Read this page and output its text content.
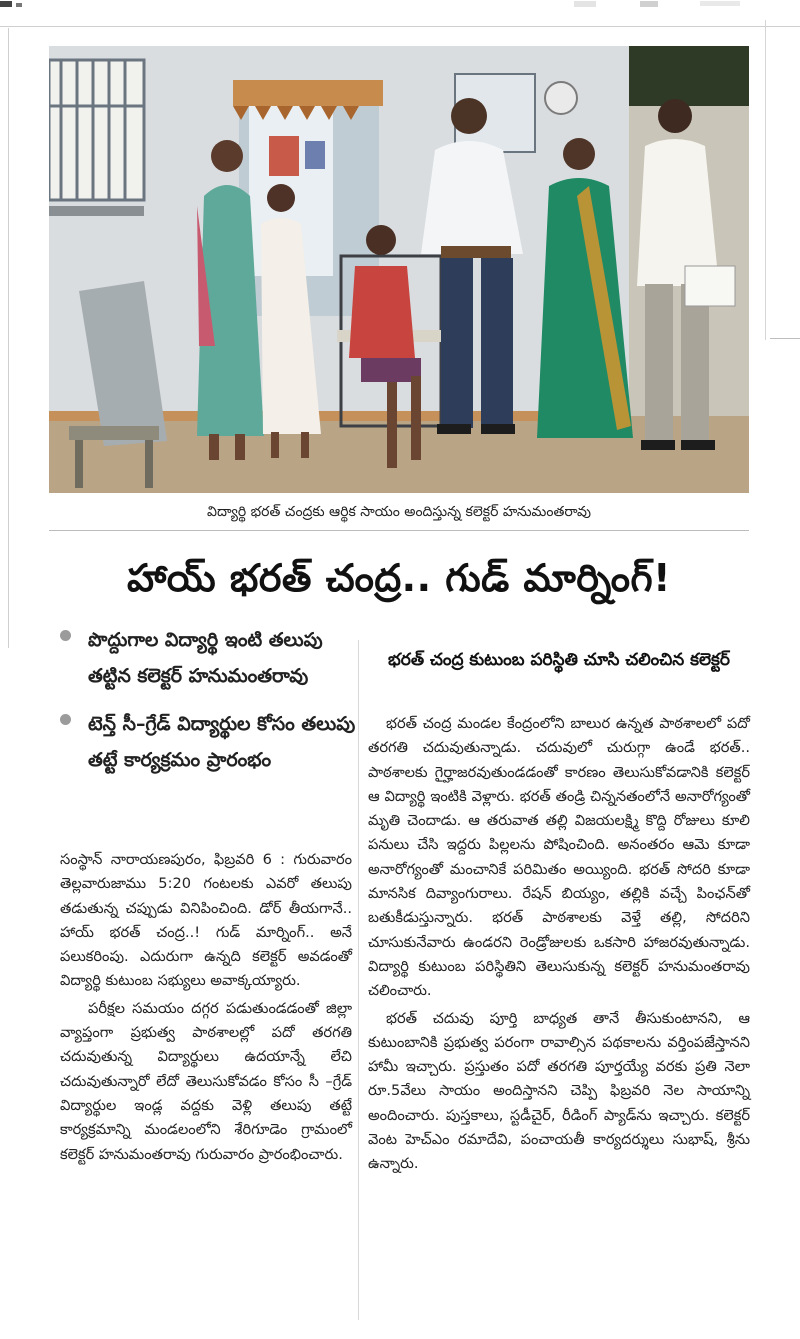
విద్యార్థి భరత్ చంద్రకు ఆర్థిక సాయం అందిస్తున్న కలెక్టర్ హనుమంతరావు
హాయ్ భరత్ చంద్ర.. గుడ్ మార్నింగ్!
పొద్దుగాల విద్యార్థి ఇంటి తలుపు తట్టిన కలెక్టర్ హనుమంతరావు
టెన్త్ సీ–గ్రేడ్ విద్యార్థుల కోసం తలుపు తట్టే కార్యక్రమం ప్రారంభం

సంస్థాన్ నారాయణపురం, ఫిబ్రవరి 6 : గురువారం తెల్లవారుజాము 5:20 గంటలకు ఎవరో తలుపు తడుతున్న చప్పుడు వినిపించింది. డోర్ తీయగానే.. హాయ్ భరత్ చంద్ర..! గుడ్ మార్నింగ్.. అనే పలుకరింపు. ఎదురుగా ఉన్నది కలెక్టర్ అవడంతో విద్యార్థి కుటుంబ సభ్యులు అవాక్కయ్యారు.

పరీక్షల సమయం దగ్గర పడుతుండడంతో జిల్లా వ్యాప్తంగా ప్రభుత్వ పాఠశాలల్లో పదో తరగతి చదువుతున్న విద్యార్థులు ఉదయాన్నే లేచి చదువుతున్నారో లేదో తెలుసుకోవడం కోసం సీ –గ్రేడ్ విద్యార్థుల ఇండ్ల వద్దకు వెళ్లి తలుపు తట్టే కార్యక్రమాన్ని మండలంలోని శేరిగూడెం గ్రామంలో కలెక్టర్ హనుమంతరావు గురువారం ప్రారంభించారు.

భరత్ చంద్ర కుటుంబ పరిస్థితి చూసి చలించిన కలెక్టర్

భరత్ చంద్ర మండల కేంద్రంలోని బాలుర ఉన్నత పాఠశాలలో పదో తరగతి చదువుతున్నాడు. చదువులో చురుగ్గా ఉండే భరత్.. పాఠశాలకు గైర్హాజరవుతుండడంతో కారణం తెలుసుకోవడానికి కలెక్టర్ ఆ విద్యార్థి ఇంటికి వెళ్లారు. భరత్ తండ్రి చిన్ననతంలోనే అనారోగ్యంతో మృతి చెందాడు. ఆ తరువాత తల్లి విజయలక్ష్మి కొద్ది రోజులు కూలి పనులు చేసి ఇద్దరు పిల్లలను పోషించింది. అనంతరం ఆమె కూడా అనారోగ్యంతో మంచానికే పరిమితం అయ్యింది. భరత్ సోదరి కూడా మానసిక దివ్యాంగురాలు. రేషన్ బియ్యం, తల్లికి వచ్చే పింఛన్‌తో బతుకీడుస్తున్నారు. భరత్ పాఠశాలకు వెళ్తే తల్లి, సోదరిని చూసుకునేవారు ఉండరని రెండ్రోజులకు ఒకసారి హాజరవుతున్నాడు. విద్యార్థి కుటుంబ పరిస్థితిని తెలుసుకున్న కలెక్టర్ హనుమంతరావు చలించారు.

భరత్ చదువు పూర్తి బాధ్యత తానే తీసుకుంటానని, ఆ కుటుంబానికి ప్రభుత్వ పరంగా రావాల్సిన పథకాలను వర్తింపజేస్తానని హామీ ఇచ్చారు. ప్రస్తుతం పదో తరగతి పూర్తయ్యే వరకు ప్రతి నెలా రూ.5వేలు సాయం అందిస్తానని చెప్పి ఫిబ్రవరి నెల సాయాన్ని అందించారు. పుస్తకాలు, స్టడీచైర్, రీడింగ్ ప్యాడ్‌ను ఇచ్చారు. కలెక్టర్ వెంట హెచ్‌ఎం రమాదేవి, పంచాయతీ కార్యదర్శులు సుభాష్, శ్రీను ఉన్నారు.
